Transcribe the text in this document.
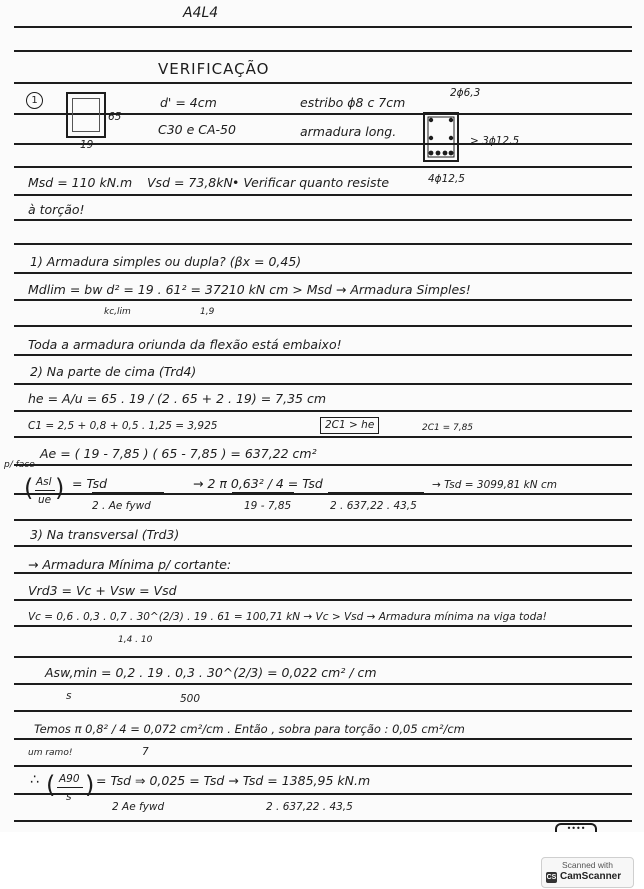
A4L4
VERIFICAÇÃO
1
65
19
d' = 4cm	estribo ϕ8 c 7cm
C30 e CA-50	armadura long.
2ϕ6,3
> 3ϕ12,5
4ϕ12,5
Msd = 110 kN.m Vsd = 73,8kN • Verificar quanto resiste
à torção!
1) Armadura simples ou dupla? (βx = 0,45)
Mdlim = bw d² = 19 . 61² = 37210 kN cm > Msd → Armadura Simples!
kc,lim	1,9
Toda a armadura oriunda da flexão está embaixo!
2) Na parte de cima (Trd4)
he = A/u = 65 . 19 / (2 . 65 + 2 . 19) = 7,35 cm
C1 = 2,5 + 0,8 + 0,5 . 1,25 = 3,925	2C1 > he	2C1 = 7,85
Ae = ( 19 - 7,85 ) ( 65 - 7,85 ) = 637,22 cm²
p/ face
( )
Asl
ue
= Tsd
2 . Ae fywd
→ 2 π 0,63² / 4 = Tsd
19 - 7,85	2 . 637,22 . 43,5
→ Tsd = 3099,81 kN cm
3) Na transversal (Trd3)
→ Armadura Mínima p/ cortante:
Vrd3 = Vc + Vsw = Vsd
Vc = 0,6 . 0,3 . 0,7 . 30^(2/3) . 19 . 61 = 100,71 kN → Vc > Vsd → Armadura mínima na viga toda!
1,4 . 10
Asw,min = 0,2 . 19 . 0,3 . 30^(2/3) = 0,022 cm² / cm
s	500
Temos π 0,8² / 4 = 0,072 cm²/cm . Então , sobra para torção : 0,05 cm²/cm
um ramo!	7
∴ ( )
A90
s
= Tsd ⇒ 0,025 = Tsd → Tsd = 1385,95 kN.m
2 Ae fywd	2 . 637,22 . 43,5
••••
Scanned with
CS CamScanner
